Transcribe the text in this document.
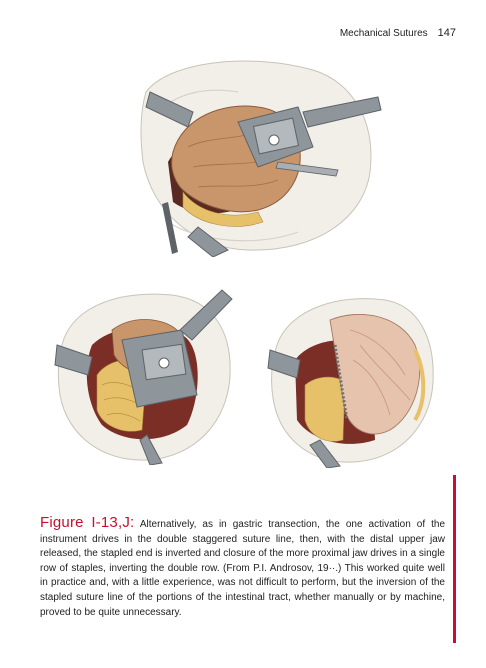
Mechanical Sutures 147
Figure I-13,J: Alternatively, as in gastric transection, the one activation of the instrument drives in the double staggered suture line, then, with the distal upper jaw released, the stapled end is inverted and closure of the more proximal jaw drives in a single row of staples, inverting the double row. (From P.I. Androsov, 19··.) This worked quite well in practice and, with a little experience, was not difficult to perform, but the inversion of the stapled suture line of the portions of the intestinal tract, whether manually or by machine, proved to be quite unnecessary.
